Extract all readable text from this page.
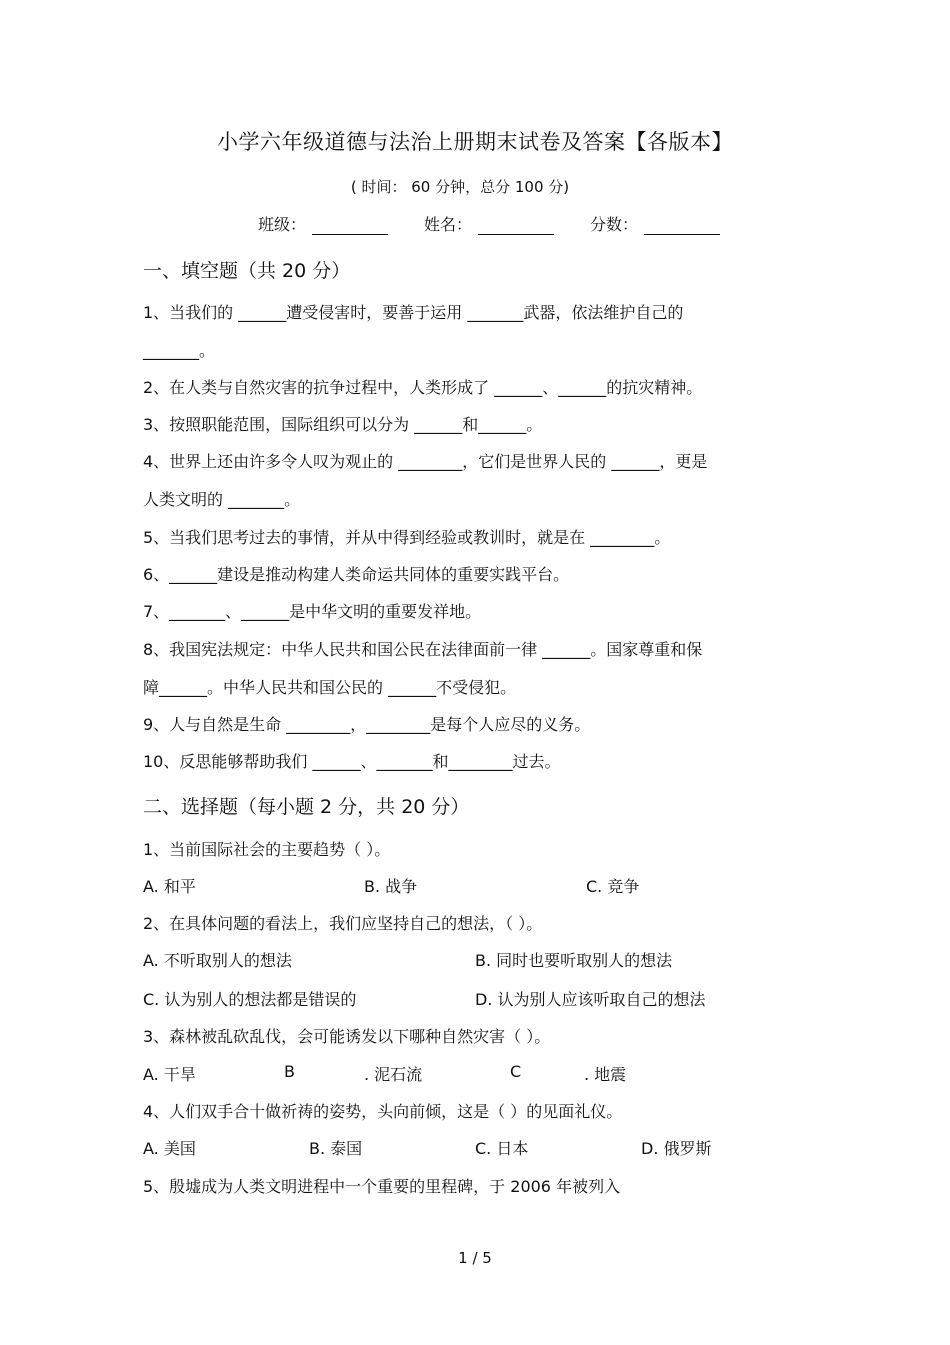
小学六年级道德与法治上册期末试卷及答案【各版本】
( 时间： 60 分钟，总分 100 分)
班级：	姓名：	分数：
一、填空题（共 20 分）
1、当我们的 ______遭受侵害时，要善于运用 _______武器，依法维护自己的
_______。
2、在人类与自然灾害的抗争过程中，人类形成了 ______、______的抗灾精神。
3、按照职能范围，国际组织可以分为 ______和______。
4、世界上还由许多令人叹为观止的 ________，它们是世界人民的 ______，更是
人类文明的 _______。
5、当我们思考过去的事情，并从中得到经验或教训时，就是在 ________。
6、______建设是推动构建人类命运共同体的重要实践平台。
7、_______、______是中华文明的重要发祥地。
8、我国宪法规定：中华人民共和国公民在法律面前一律 ______。国家尊重和保
障______。中华人民共和国公民的 ______不受侵犯。
9、人与自然是生命 ________，________是每个人应尽的义务。
10、反思能够帮助我们 ______、_______和________过去。
二、选择题（每小题 2 分，共 20 分）
1、当前国际社会的主要趋势（ ）。
A. 和平	B. 战争	C. 竞争
2、在具体问题的看法上，我们应坚持自己的想法，（ ）。
A. 不听取别人的想法	B. 同时也要听取别人的想法
C. 认为别人的想法都是错误的	D. 认为别人应该听取自己的想法
3、森林被乱砍乱伐，会可能诱发以下哪种自然灾害（ ）。
A. 干旱	B	. 泥石流	C	. 地震
4、人们双手合十做祈祷的姿势，头向前倾，这是（ ）的见面礼仪。
A. 美国	B. 泰国	C. 日本	D. 俄罗斯
5、殷墟成为人类文明进程中一个重要的里程碑，于 2006 年被列入
1 / 5
